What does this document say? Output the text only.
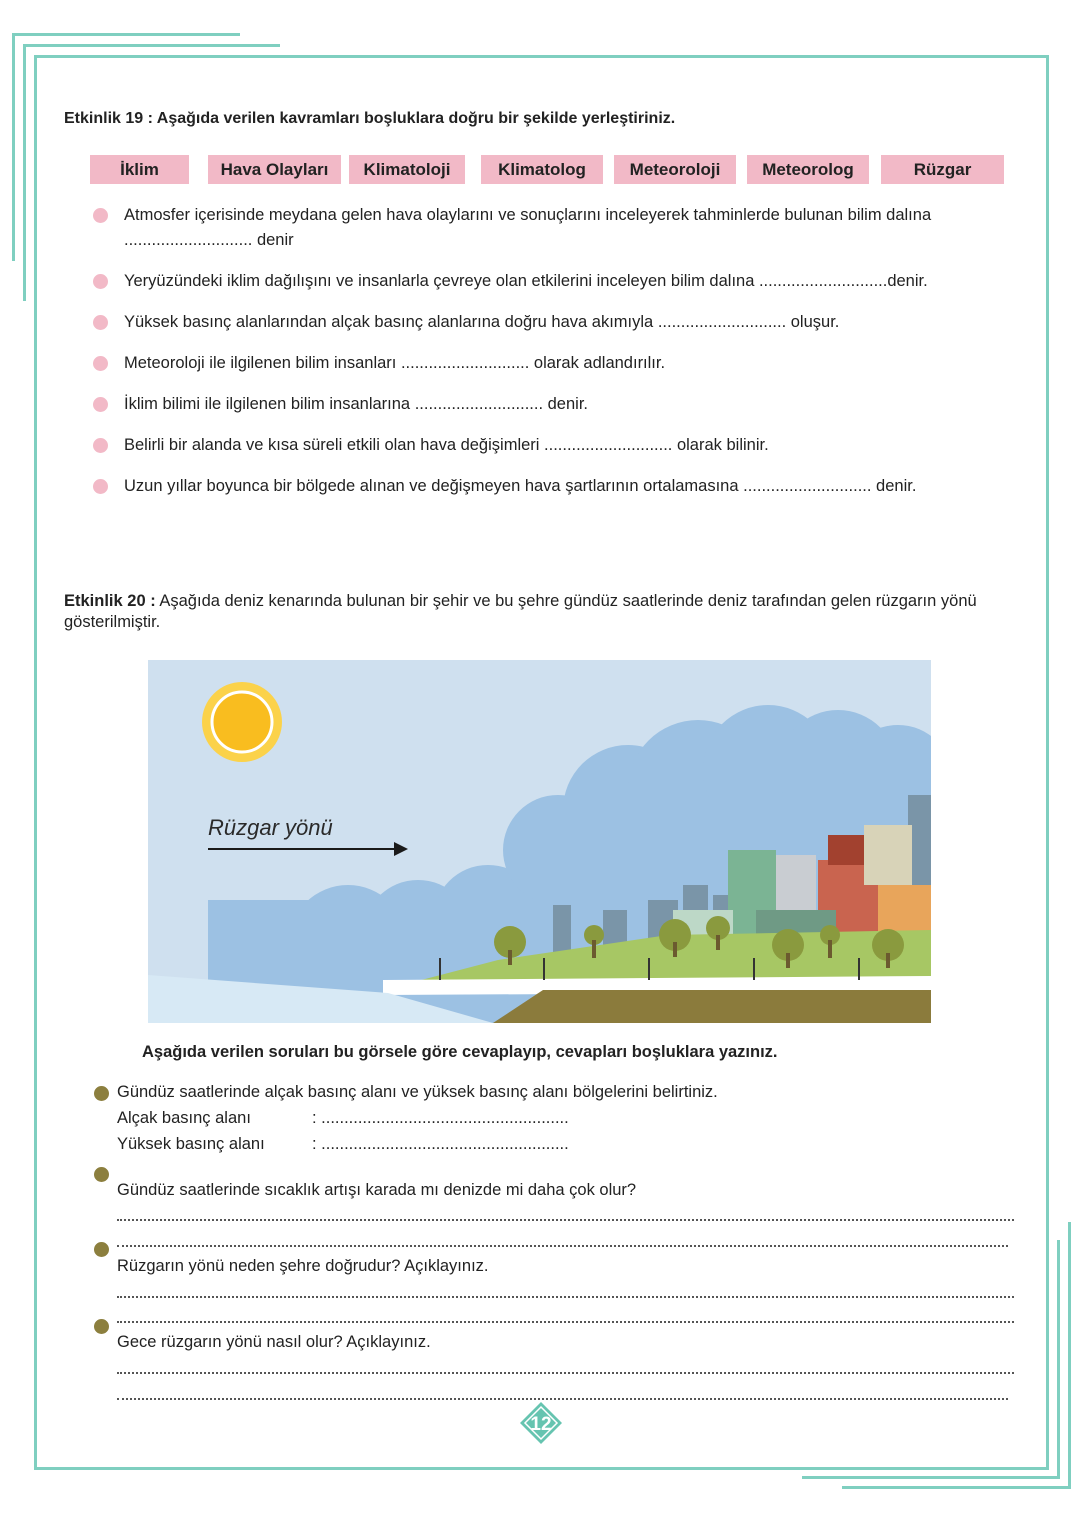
Etkinlik 19 : Aşağıda verilen kavramları boşluklara doğru bir şekilde yerleştiriniz.
İklim	Hava Olayları	Klimatoloji	Klimatolog	Meteoroloji	Meteorolog	Rüzgar
Atmosfer içerisinde meydana gelen hava olaylarını ve sonuçlarını inceleyerek tahminlerde bulunan bilim dalına ............................ denir
Yeryüzündeki iklim dağılışını ve insanlarla çevreye olan etkilerini inceleyen bilim dalına ............................denir.
Yüksek basınç alanlarından alçak basınç alanlarına doğru hava akımıyla ............................ oluşur.
Meteoroloji ile ilgilenen bilim insanları ............................ olarak adlandırılır.
İklim bilimi ile ilgilenen bilim insanlarına ............................ denir.
Belirli bir alanda ve kısa süreli etkili olan hava değişimleri ............................ olarak bilinir.
Uzun yıllar boyunca bir bölgede alınan ve değişmeyen hava şartlarının ortalamasına ............................ denir.
Etkinlik 20 : Aşağıda deniz kenarında bulunan bir şehir ve bu şehre gündüz saatlerinde deniz tarafından gelen rüzgarın yönü gösterilmiştir.
Rüzgar yönü
Aşağıda verilen soruları bu görsele göre cevaplayıp, cevapları boşluklara yazınız.
Gündüz saatlerinde alçak basınç alanı ve yüksek basınç alanı bölgelerini belirtiniz.
Alçak basınç alanı	: ......................................................
Yüksek basınç alanı	: ......................................................
Gündüz saatlerinde sıcaklık artışı karada mı denizde mi daha çok olur?
Rüzgarın yönü neden şehre doğrudur? Açıklayınız.
Gece rüzgarın yönü nasıl olur? Açıklayınız.
12
